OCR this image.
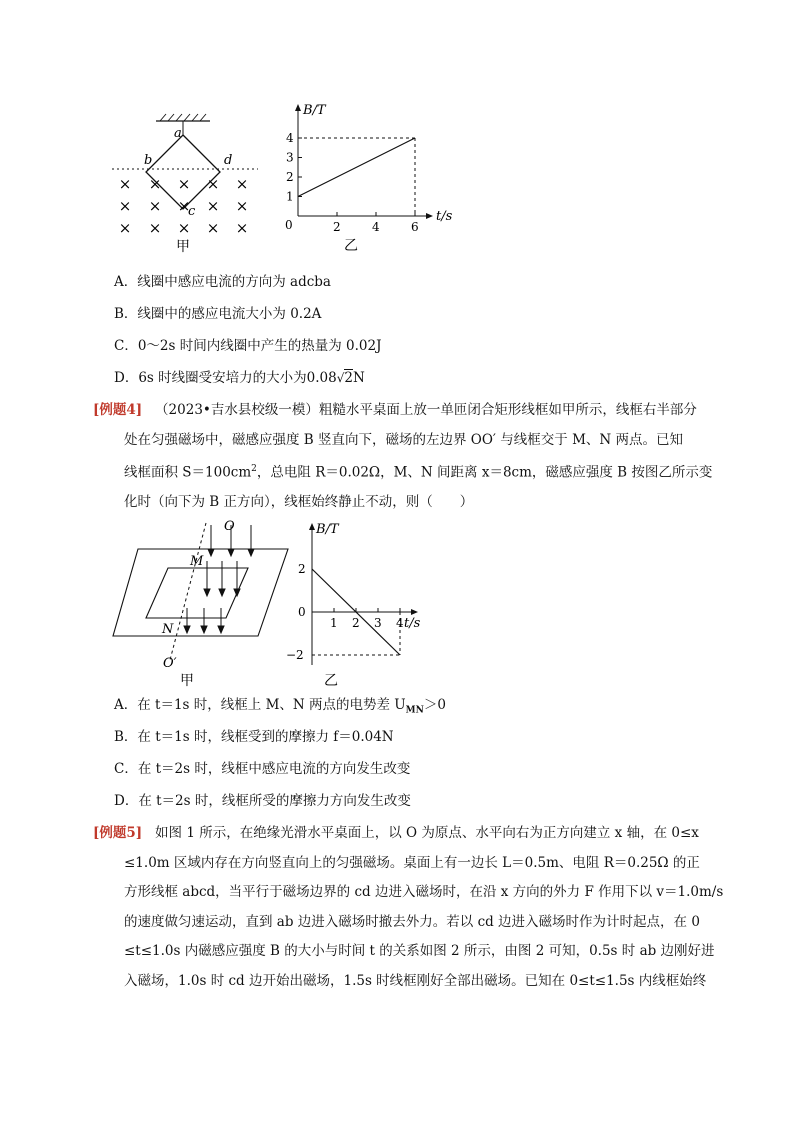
× × × × ×
× × × × ×
× × × × ×
a
b	d
c
甲
B/T
t/s
0
1
2
3
4
2	4	6
乙
A．线圈中感应电流的方向为 adcba
B．线圈中的感应电流大小为 0.2A
C．0～2s 时间内线圈中产生的热量为 0.02J
D．6s 时线圈受安培力的大小为0.08√2N
[例题4] （2023•吉水县校级一模）粗糙水平桌面上放一单匝闭合矩形线框如甲所示，线框右半部分
处在匀强磁场中，磁感应强度 B 竖直向下，磁场的左边界 OO′ 与线框交于 M、N 两点。已知
线框面积 $S=100cm^2$，总电阻 R＝0.02Ω，M、N 间距离 x＝8cm，磁感应强度 B 按图乙所示变
化时（向下为 B 正方向），线框始终静止不动，则（　　）
O
M
N
O′
甲
B/T
t/s
2
0
−2
1 2 3 4
乙
A．在 t＝1s 时，线框上 M、N 两点的电势差 $U_{MN}>0$
B．在 t＝1s 时，线框受到的摩擦力 f＝0.04N
C．在 t＝2s 时，线框中感应电流的方向发生改变
D．在 t＝2s 时，线框所受的摩擦力方向发生改变
[例题5] 如图 1 所示，在绝缘光滑水平桌面上，以 O 为原点、水平向右为正方向建立 x 轴，在 0≤x
≤1.0m 区域内存在方向竖直向上的匀强磁场。桌面上有一边长 L＝0.5m、电阻 R＝0.25Ω 的正
方形线框 abcd，当平行于磁场边界的 cd 边进入磁场时，在沿 x 方向的外力 F 作用下以 v＝1.0m/s
的速度做匀速运动，直到 ab 边进入磁场时撤去外力。若以 cd 边进入磁场时作为计时起点，在 0
≤t≤1.0s 内磁感应强度 B 的大小与时间 t 的关系如图 2 所示，由图 2 可知，0.5s 时 ab 边刚好进
入磁场，1.0s 时 cd 边开始出磁场，1.5s 时线框刚好全部出磁场。已知在 0≤t≤1.5s 内线框始终
